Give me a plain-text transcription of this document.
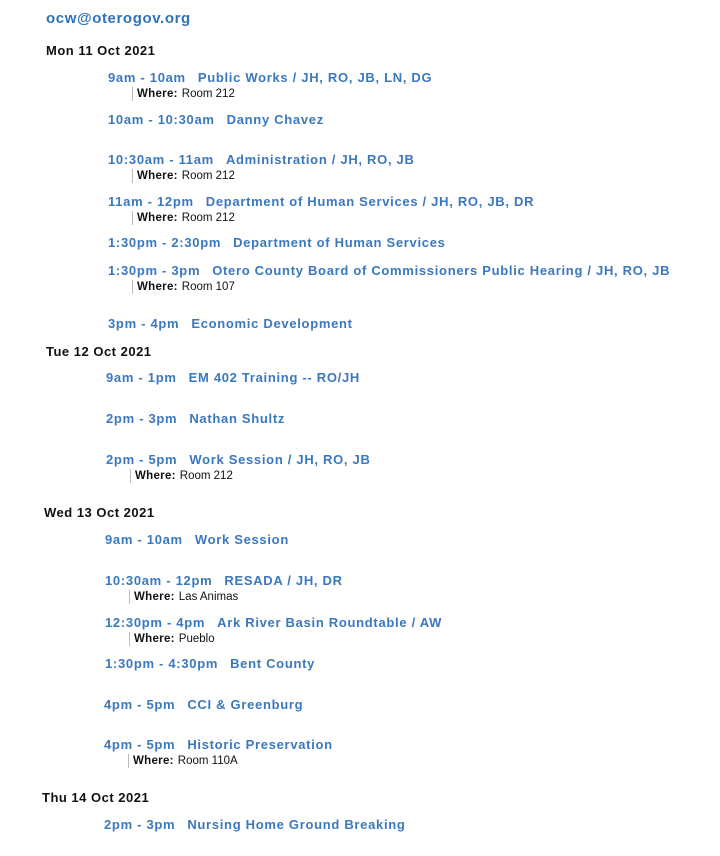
ocw@oterogov.org
Mon 11 Oct 2021
9am - 10am Public Works / JH, RO, JB, LN, DG
Where: Room 212
10am - 10:30am Danny Chavez
10:30am - 11am Administration / JH, RO, JB
Where: Room 212
11am - 12pm Department of Human Services / JH, RO, JB, DR
Where: Room 212
1:30pm - 2:30pm Department of Human Services
1:30pm - 3pm Otero County Board of Commissioners Public Hearing / JH, RO, JB
Where: Room 107
3pm - 4pm Economic Development
Tue 12 Oct 2021
9am - 1pm EM 402 Training -- RO/JH
2pm - 3pm Nathan Shultz
2pm - 5pm Work Session / JH, RO, JB
Where: Room 212
Wed 13 Oct 2021
9am - 10am Work Session
10:30am - 12pm RESADA / JH, DR
Where: Las Animas
12:30pm - 4pm Ark River Basin Roundtable / AW
Where: Pueblo
1:30pm - 4:30pm Bent County
4pm - 5pm CCI & Greenburg
4pm - 5pm Historic Preservation
Where: Room 110A
Thu 14 Oct 2021
2pm - 3pm Nursing Home Ground Breaking
